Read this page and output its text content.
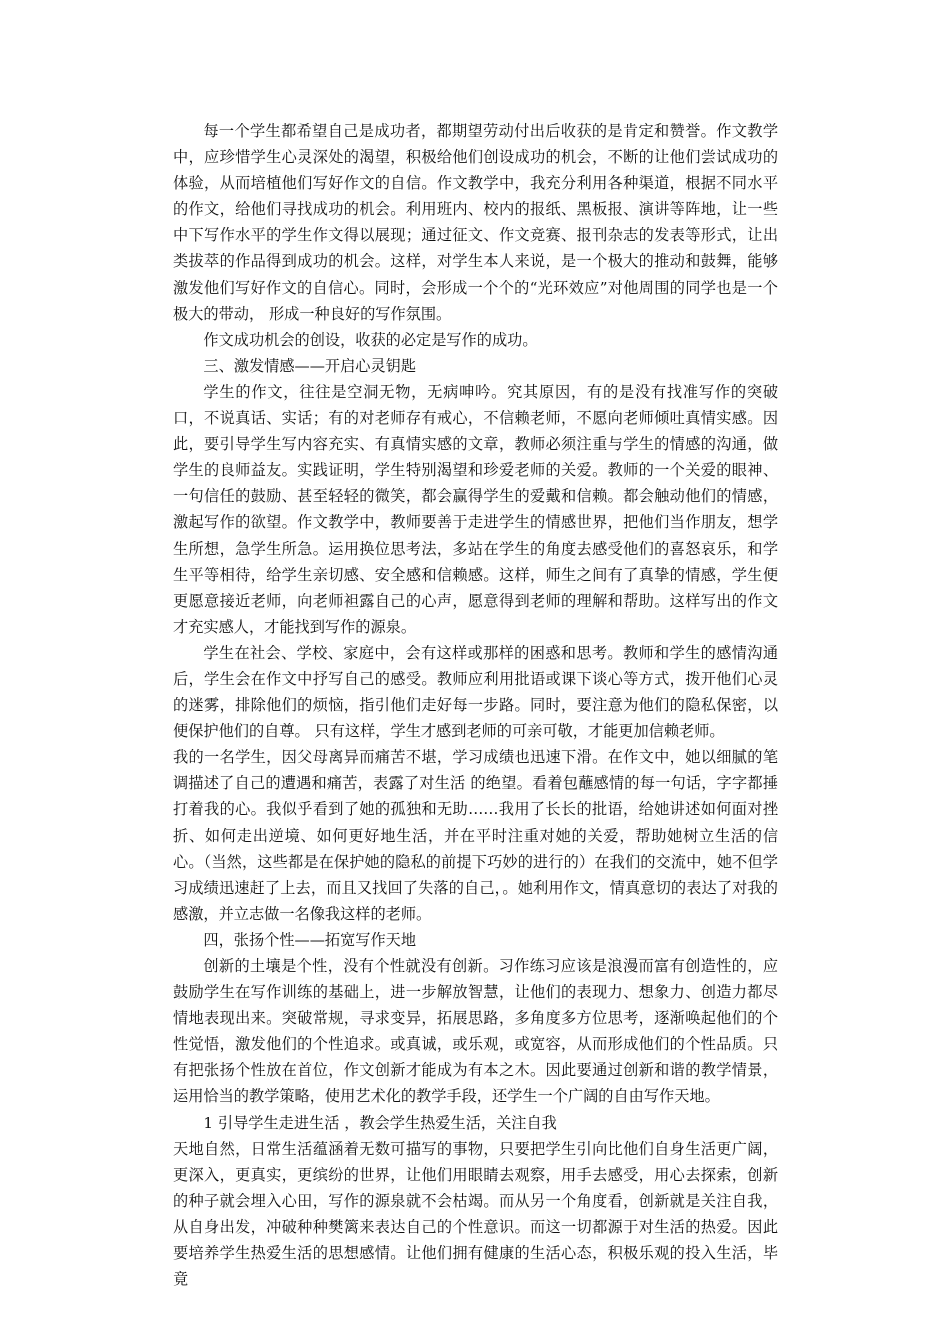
每一个学生都希望自己是成功者，都期望劳动付出后收获的是肯定和赞誉。作文教学中，应珍惜学生心灵深处的渴望，积极给他们创设成功的机会，不断的让他们尝试成功的体验，从而培植他们写好作文的自信。作文教学中，我充分利用各种渠道，根据不同水平的作文，给他们寻找成功的机会。利用班内、校内的报纸、黑板报、演讲等阵地，让一些中下写作水平的学生作文得以展现；通过征文、作文竞赛、报刊杂志的发表等形式，让出类拔萃的作品得到成功的机会。这样，对学生本人来说，是一个极大的推动和鼓舞，能够激发他们写好作文的自信心。同时，会形成一个个的“光环效应”对他周围的同学也是一个极大的带动， 形成一种良好的写作氛围。

作文成功机会的创设，收获的必定是写作的成功。

三、激发情感——开启心灵钥匙

学生的作文，往往是空洞无物，无病呻吟。究其原因，有的是没有找准写作的突破口，不说真话、实话；有的对老师存有戒心，不信赖老师，不愿向老师倾吐真情实感。因此，要引导学生写内容充实、有真情实感的文章，教师必须注重与学生的情感的沟通，做学生的良师益友。实践证明，学生特别渴望和珍爱老师的关爱。教师的一个关爱的眼神、一句信任的鼓励、甚至轻轻的微笑，都会赢得学生的爱戴和信赖。都会触动他们的情感，激起写作的欲望。作文教学中，教师要善于走进学生的情感世界，把他们当作朋友，想学生所想，急学生所急。运用换位思考法，多站在学生的角度去感受他们的喜怒哀乐，和学生平等相待，给学生亲切感、安全感和信赖感。这样，师生之间有了真挚的情感，学生便更愿意接近老师，向老师袒露自己的心声，愿意得到老师的理解和帮助。这样写出的作文才充实感人，才能找到写作的源泉。

学生在社会、学校、家庭中，会有这样或那样的困惑和思考。教师和学生的感情沟通后，学生会在作文中抒写自己的感受。教师应利用批语或课下谈心等方式，拨开他们心灵的迷雾，排除他们的烦恼，指引他们走好每一步路。同时，要注意为他们的隐私保密，以便保护他们的自尊。 只有这样，学生才感到老师的可亲可敬，才能更加信赖老师。

我的一名学生，因父母离异而痛苦不堪，学习成绩也迅速下滑。在作文中，她以细腻的笔调描述了自己的遭遇和痛苦，表露了对生活 的绝望。看着包蘸感情的每一句话，字字都捶打着我的心。我似乎看到了她的孤独和无助……我用了长长的批语，给她讲述如何面对挫折、如何走出逆境、如何更好地生活，并在平时注重对她的关爱，帮助她树立生活的信心。（当然，这些都是在保护她的隐私的前提下巧妙的进行的）在我们的交流中，她不但学习成绩迅速赶了上去，而且又找回了失落的自己，。她利用作文，情真意切的表达了对我的感激，并立志做一名像我这样的老师。

四，张扬个性——拓宽写作天地

创新的土壤是个性，没有个性就没有创新。习作练习应该是浪漫而富有创造性的，应鼓励学生在写作训练的基础上，进一步解放智慧，让他们的表现力、想象力、创造力都尽情地表现出来。突破常规，寻求变异，拓展思路，多角度多方位思考，逐渐唤起他们的个性觉悟，激发他们的个性追求。或真诚，或乐观，或宽容，从而形成他们的个性品质。只有把张扬个性放在首位，作文创新才能成为有本之木。因此要通过创新和谐的教学情景，运用恰当的教学策略，使用艺术化的教学手段，还学生一个广阔的自由写作天地。

1 引导学生走进生活 ，教会学生热爱生活，关注自我

天地自然，日常生活蕴涵着无数可描写的事物，只要把学生引向比他们自身生活更广阔，更深入，更真实，更缤纷的世界，让他们用眼睛去观察，用手去感受，用心去探索，创新的种子就会埋入心田，写作的源泉就不会枯竭。而从另一个角度看，创新就是关注自我，从自身出发，冲破种种樊篱来表达自己的个性意识。而这一切都源于对生活的热爱。因此要培养学生热爱生活的思想感情。让他们拥有健康的生活心态，积极乐观的投入生活，毕竟
